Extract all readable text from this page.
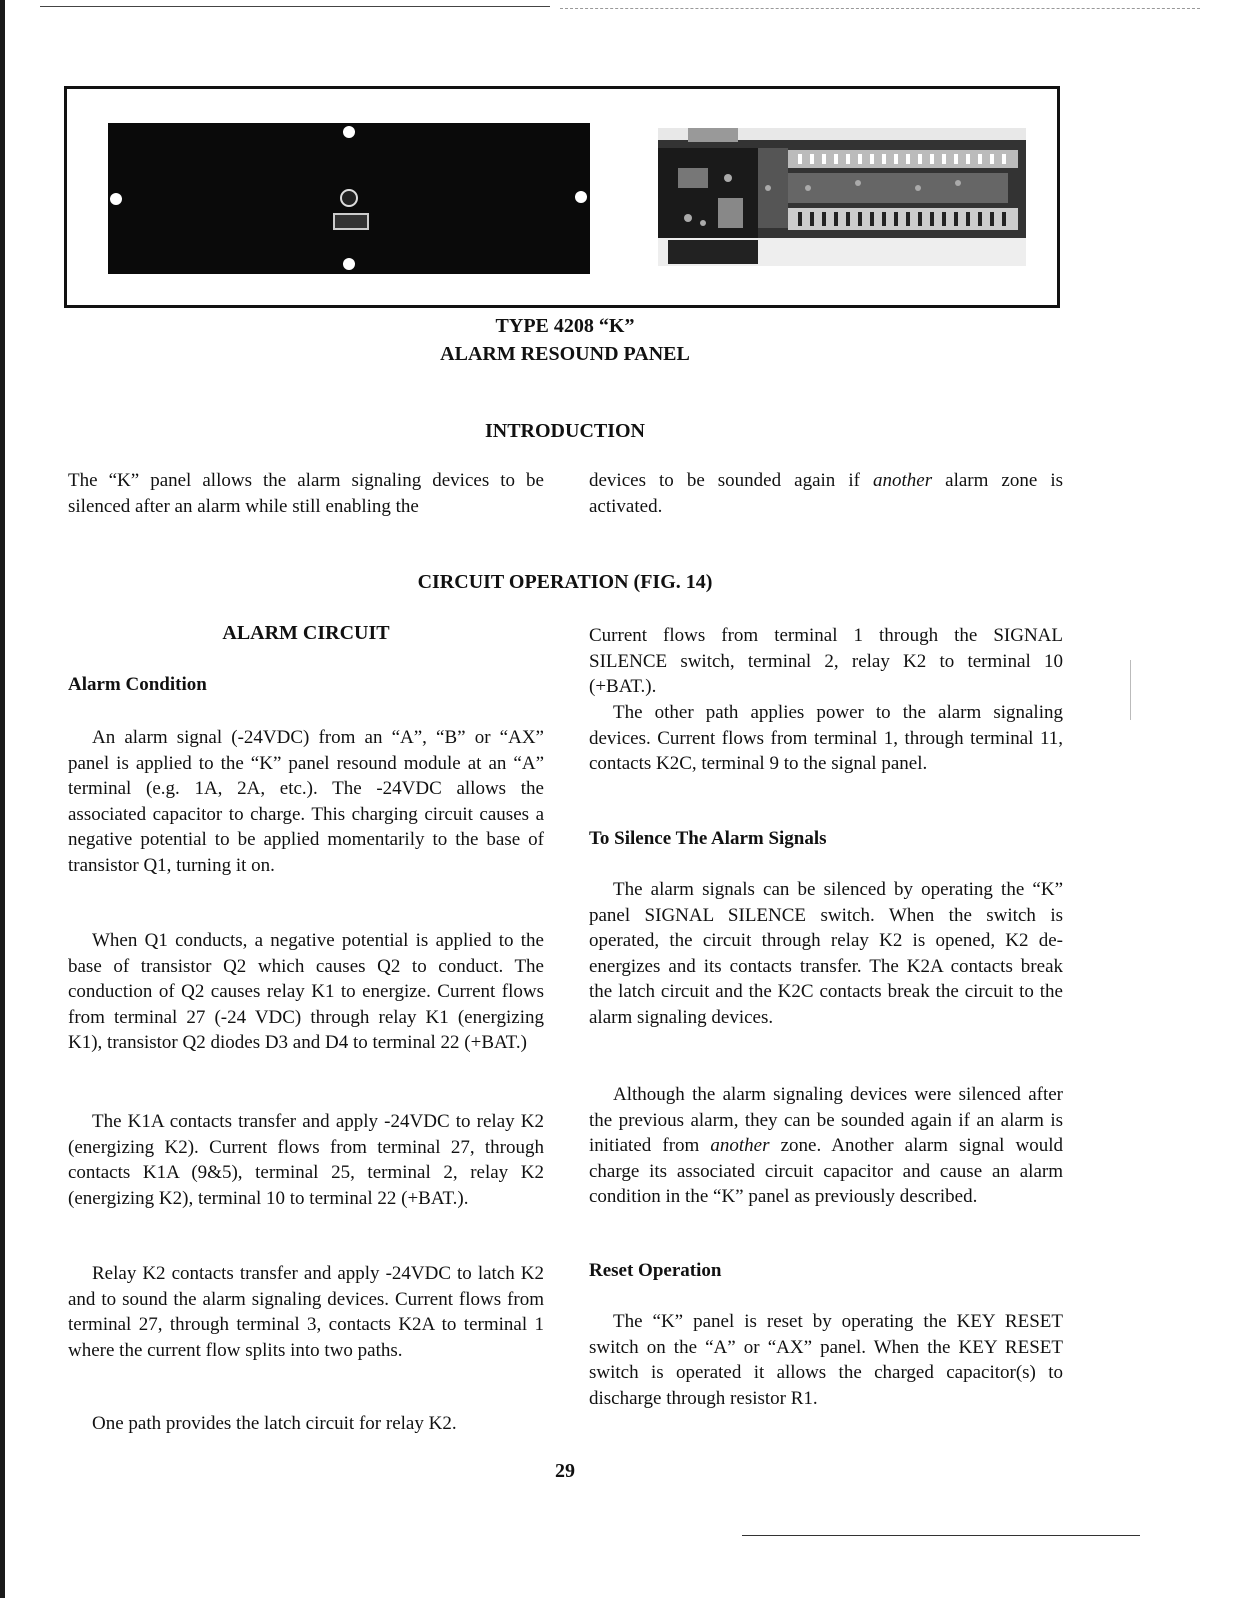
TYPE 4208 “K”
ALARM RESOUND PANEL
INTRODUCTION
The “K” panel allows the alarm signaling devices to be silenced after an alarm while still enabling the
devices to be sounded again if another alarm zone is activated.
CIRCUIT OPERATION (FIG. 14)
ALARM CIRCUIT
Alarm Condition

An alarm signal (-24VDC) from an “A”, “B” or “AX” panel is applied to the “K” panel resound module at an “A” terminal (e.g. 1A, 2A, etc.). The -24VDC allows the associated capacitor to charge. This charging circuit causes a negative potential to be applied momentarily to the base of transistor Q1, turning it on.

When Q1 conducts, a negative potential is applied to the base of transistor Q2 which causes Q2 to conduct. The conduction of Q2 causes relay K1 to energize. Current flows from terminal 27 (-24 VDC) through relay K1 (energizing K1), transistor Q2 diodes D3 and D4 to terminal 22 (+BAT.)

The K1A contacts transfer and apply -24VDC to relay K2 (energizing K2). Current flows from terminal 27, through contacts K1A (9&5), terminal 25, terminal 2, relay K2 (energizing K2), terminal 10 to terminal 22 (+BAT.).

Relay K2 contacts transfer and apply -24VDC to latch K2 and to sound the alarm signaling devices. Current flows from terminal 27, through terminal 3, contacts K2A to terminal 1 where the current flow splits into two paths.

One path provides the latch circuit for relay K2.

Current flows from terminal 1 through the SIGNAL SILENCE switch, terminal 2, relay K2 to terminal 10 (+BAT.).

The other path applies power to the alarm signaling devices. Current flows from terminal 1, through terminal 11, contacts K2C, terminal 9 to the signal panel.

To Silence The Alarm Signals

The alarm signals can be silenced by operating the “K” panel SIGNAL SILENCE switch. When the switch is operated, the circuit through relay K2 is opened, K2 de-energizes and its contacts transfer. The K2A contacts break the latch circuit and the K2C contacts break the circuit to the alarm signaling devices.

Although the alarm signaling devices were silenced after the previous alarm, they can be sounded again if an alarm is initiated from another zone. Another alarm signal would charge its associated circuit capacitor and cause an alarm condition in the “K” panel as previously described.

Reset Operation

The “K” panel is reset by operating the KEY RESET switch on the “A” or “AX” panel. When the KEY RESET switch is operated it allows the charged capacitor(s) to discharge through resistor R1.

29
